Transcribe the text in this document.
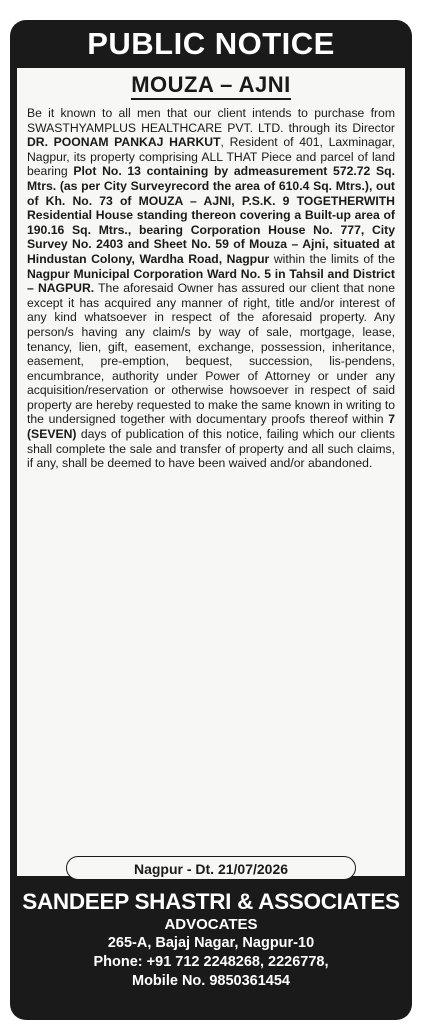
PUBLIC NOTICE
MOUZA – AJNI
Be it known to all men that our client intends to purchase from SWASTHYAMPLUS HEALTHCARE PVT. LTD. through its Director DR. POONAM PANKAJ HARKUT, Resident of 401, Laxminagar, Nagpur, its property comprising ALL THAT Piece and parcel of land bearing Plot No. 13 containing by admeasurement 572.72 Sq. Mtrs. (as per City Surveyrecord the area of 610.4 Sq. Mtrs.), out of Kh. No. 73 of MOUZA – AJNI, P.S.K. 9 TOGETHERWITH Residential House standing thereon covering a Built-up area of 190.16 Sq. Mtrs., bearing Corporation House No. 777, City Survey No. 2403 and Sheet No. 59 of Mouza – Ajni, situated at Hindustan Colony, Wardha Road, Nagpur within the limits of the Nagpur Municipal Corporation Ward No. 5 in Tahsil and District – NAGPUR. The aforesaid Owner has assured our client that none except it has acquired any manner of right, title and/or interest of any kind whatsoever in respect of the aforesaid property. Any person/s having any claim/s by way of sale, mortgage, lease, tenancy, lien, gift, easement, exchange, possession, inheritance, easement, pre-emption, bequest, succession, lis-pendens, encumbrance, authority under Power of Attorney or under any acquisition/reservation or otherwise howsoever in respect of said property are hereby requested to make the same known in writing to the undersigned together with documentary proofs thereof within 7 (SEVEN) days of publication of this notice, failing which our clients shall complete the sale and transfer of property and all such claims, if any, shall be deemed to have been waived and/or abandoned.
Nagpur - Dt. 21/07/2026
SANDEEP SHASTRI & ASSOCIATES
ADVOCATES
265-A, Bajaj Nagar, Nagpur-10
Phone: +91 712 2248268, 2226778,
Mobile No. 9850361454
